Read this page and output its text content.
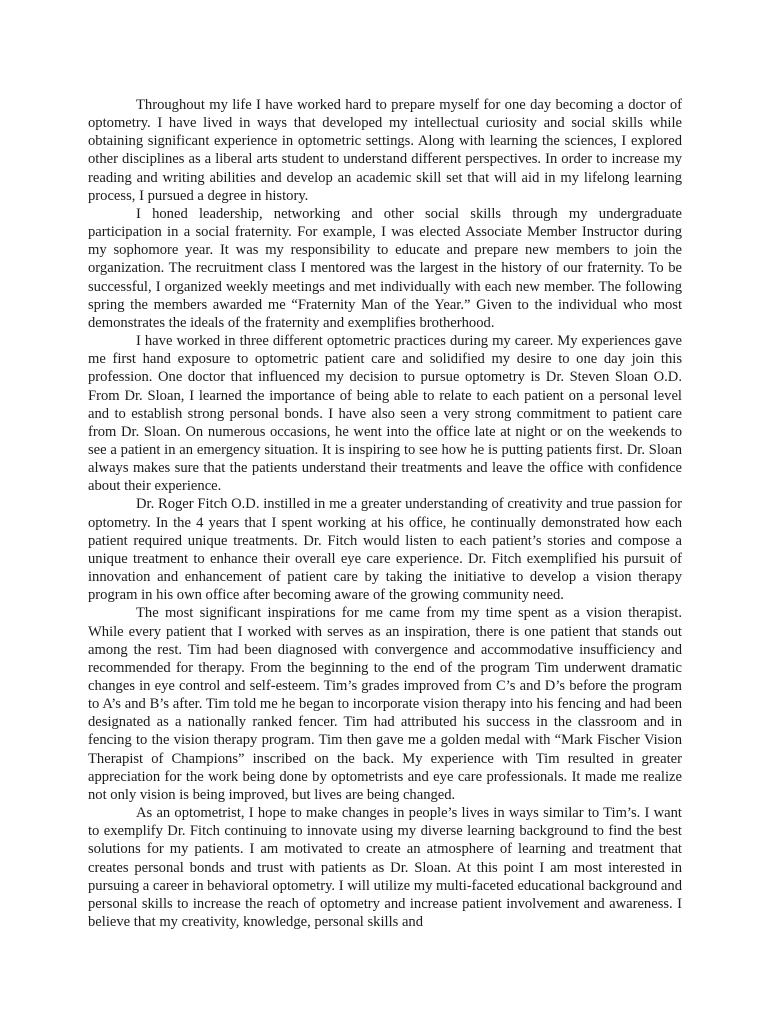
Throughout my life I have worked hard to prepare myself for one day becoming a doctor of optometry. I have lived in ways that developed my intellectual curiosity and social skills while obtaining significant experience in optometric settings. Along with learning the sciences, I explored other disciplines as a liberal arts student to understand different perspectives. In order to increase my reading and writing abilities and develop an academic skill set that will aid in my lifelong learning process, I pursued a degree in history.

I honed leadership, networking and other social skills through my undergraduate participation in a social fraternity. For example, I was elected Associate Member Instructor during my sophomore year. It was my responsibility to educate and prepare new members to join the organization. The recruitment class I mentored was the largest in the history of our fraternity. To be successful, I organized weekly meetings and met individually with each new member. The following spring the members awarded me “Fraternity Man of the Year.” Given to the individual who most demonstrates the ideals of the fraternity and exemplifies brotherhood.

I have worked in three different optometric practices during my career. My experiences gave me first hand exposure to optometric patient care and solidified my desire to one day join this profession. One doctor that influenced my decision to pursue optometry is Dr. Steven Sloan O.D. From Dr. Sloan, I learned the importance of being able to relate to each patient on a personal level and to establish strong personal bonds. I have also seen a very strong commitment to patient care from Dr. Sloan. On numerous occasions, he went into the office late at night or on the weekends to see a patient in an emergency situation. It is inspiring to see how he is putting patients first. Dr. Sloan always makes sure that the patients understand their treatments and leave the office with confidence about their experience.

Dr. Roger Fitch O.D. instilled in me a greater understanding of creativity and true passion for optometry. In the 4 years that I spent working at his office, he continually demonstrated how each patient required unique treatments. Dr. Fitch would listen to each patient’s stories and compose a unique treatment to enhance their overall eye care experience. Dr. Fitch exemplified his pursuit of innovation and enhancement of patient care by taking the initiative to develop a vision therapy program in his own office after becoming aware of the growing community need.

The most significant inspirations for me came from my time spent as a vision therapist. While every patient that I worked with serves as an inspiration, there is one patient that stands out among the rest. Tim had been diagnosed with convergence and accommodative insufficiency and recommended for therapy. From the beginning to the end of the program Tim underwent dramatic changes in eye control and self-esteem. Tim’s grades improved from C’s and D’s before the program to A’s and B’s after. Tim told me he began to incorporate vision therapy into his fencing and had been designated as a nationally ranked fencer. Tim had attributed his success in the classroom and in fencing to the vision therapy program. Tim then gave me a golden medal with “Mark Fischer Vision Therapist of Champions” inscribed on the back. My experience with Tim resulted in greater appreciation for the work being done by optometrists and eye care professionals. It made me realize not only vision is being improved, but lives are being changed.

As an optometrist, I hope to make changes in people’s lives in ways similar to Tim’s. I want to exemplify Dr. Fitch continuing to innovate using my diverse learning background to find the best solutions for my patients. I am motivated to create an atmosphere of learning and treatment that creates personal bonds and trust with patients as Dr. Sloan. At this point I am most interested in pursuing a career in behavioral optometry. I will utilize my multi-faceted educational background and personal skills to increase the reach of optometry and increase patient involvement and awareness. I believe that my creativity, knowledge, personal skills and
